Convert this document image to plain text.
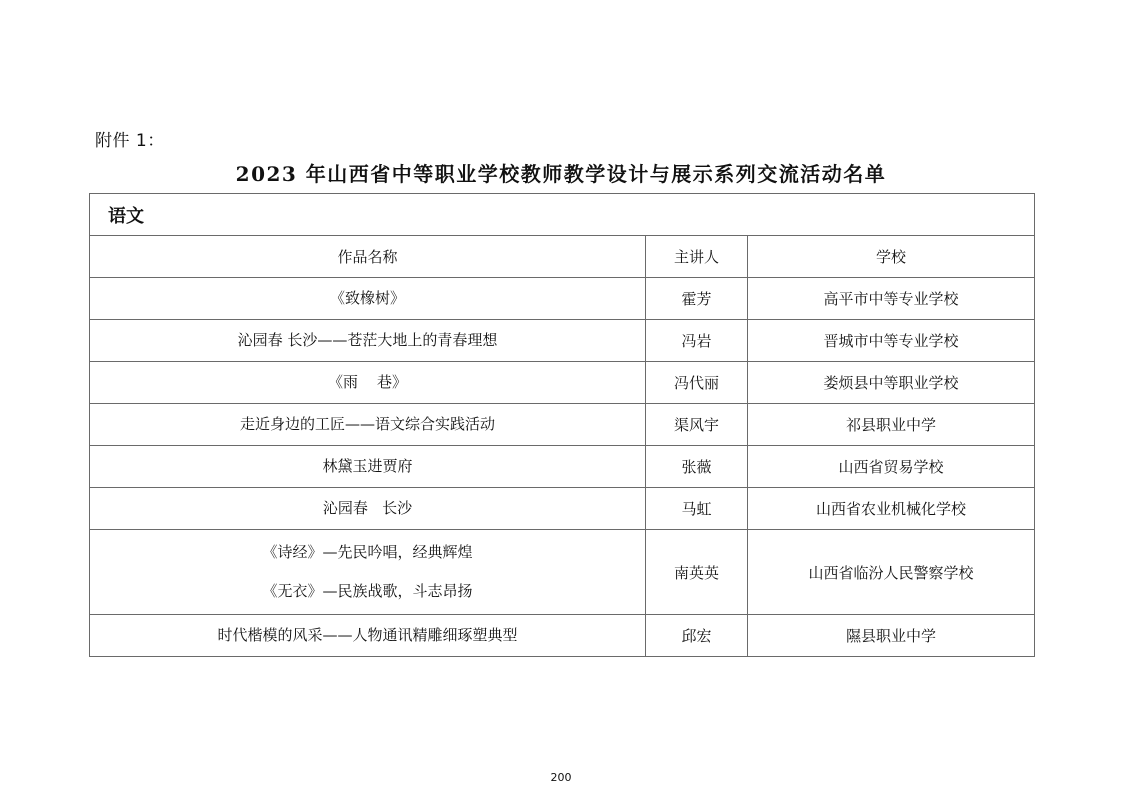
附件 1：
2023 年山西省中等职业学校教师教学设计与展示系列交流活动名单
语文		
作品名称	主讲人	学校

《致橡树》	霍芳	高平市中等专业学校

沁园春 长沙——苍茫大地上的青春理想	冯岩	晋城市中等专业学校

《雨    巷》	冯代丽	娄烦县中等职业学校

走近身边的工匠——语文综合实践活动	渠风宇	祁县职业中学

林黛玉进贾府	张薇	山西省贸易学校

沁园春   长沙	马虹	山西省农业机械化学校

《诗经》—先民吟唱，经典辉煌
《无衣》—民族战歌，斗志昂扬	南英英	山西省临汾人民警察学校

时代楷模的风采——人物通讯精雕细琢塑典型	邱宏	隰县职业中学
200
